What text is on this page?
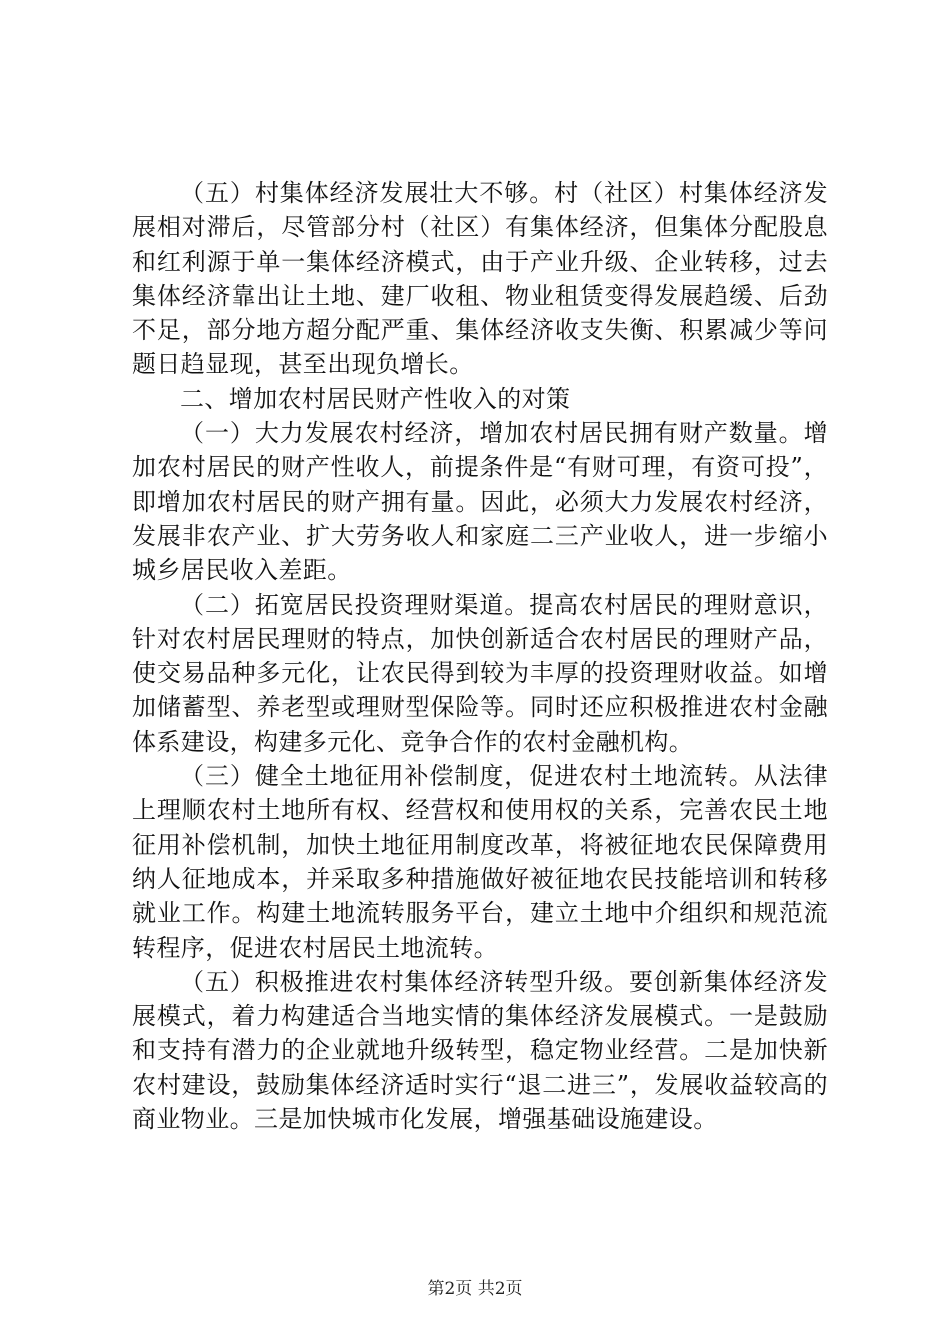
（五）村集体经济发展壮大不够。村（社区）村集体经济发展相对滞后，尽管部分村（社区）有集体经济，但集体分配股息和红利源于单一集体经济模式，由于产业升级、企业转移，过去集体经济靠出让土地、建厂收租、物业租赁变得发展趋缓、后劲不足，部分地方超分配严重、集体经济收支失衡、积累减少等问题日趋显现，甚至出现负增长。

二、增加农村居民财产性收入的对策

（一）大力发展农村经济，增加农村居民拥有财产数量。增加农村居民的财产性收人，前提条件是“有财可理，有资可投”，即增加农村居民的财产拥有量。因此，必须大力发展农村经济，发展非农产业、扩大劳务收人和家庭二三产业收人，进一步缩小城乡居民收入差距。

（二）拓宽居民投资理财渠道。提高农村居民的理财意识，针对农村居民理财的特点，加快创新适合农村居民的理财产品，使交易品种多元化，让农民得到较为丰厚的投资理财收益。如增加储蓄型、养老型或理财型保险等。同时还应积极推进农村金融体系建设，构建多元化、竞争合作的农村金融机构。

（三）健全土地征用补偿制度，促进农村土地流转。从法律上理顺农村土地所有权、经营权和使用权的关系，完善农民土地征用补偿机制，加快土地征用制度改革，将被征地农民保障费用纳人征地成本，并采取多种措施做好被征地农民技能培训和转移就业工作。构建土地流转服务平台，建立土地中介组织和规范流转程序，促进农村居民土地流转。

（五）积极推进农村集体经济转型升级。要创新集体经济发展模式，着力构建适合当地实情的集体经济发展模式。一是鼓励和支持有潜力的企业就地升级转型，稳定物业经营。二是加快新农村建设，鼓励集体经济适时实行“退二进三”，发展收益较高的商业物业。三是加快城市化发展，增强基础设施建设。

第2页 共2页
